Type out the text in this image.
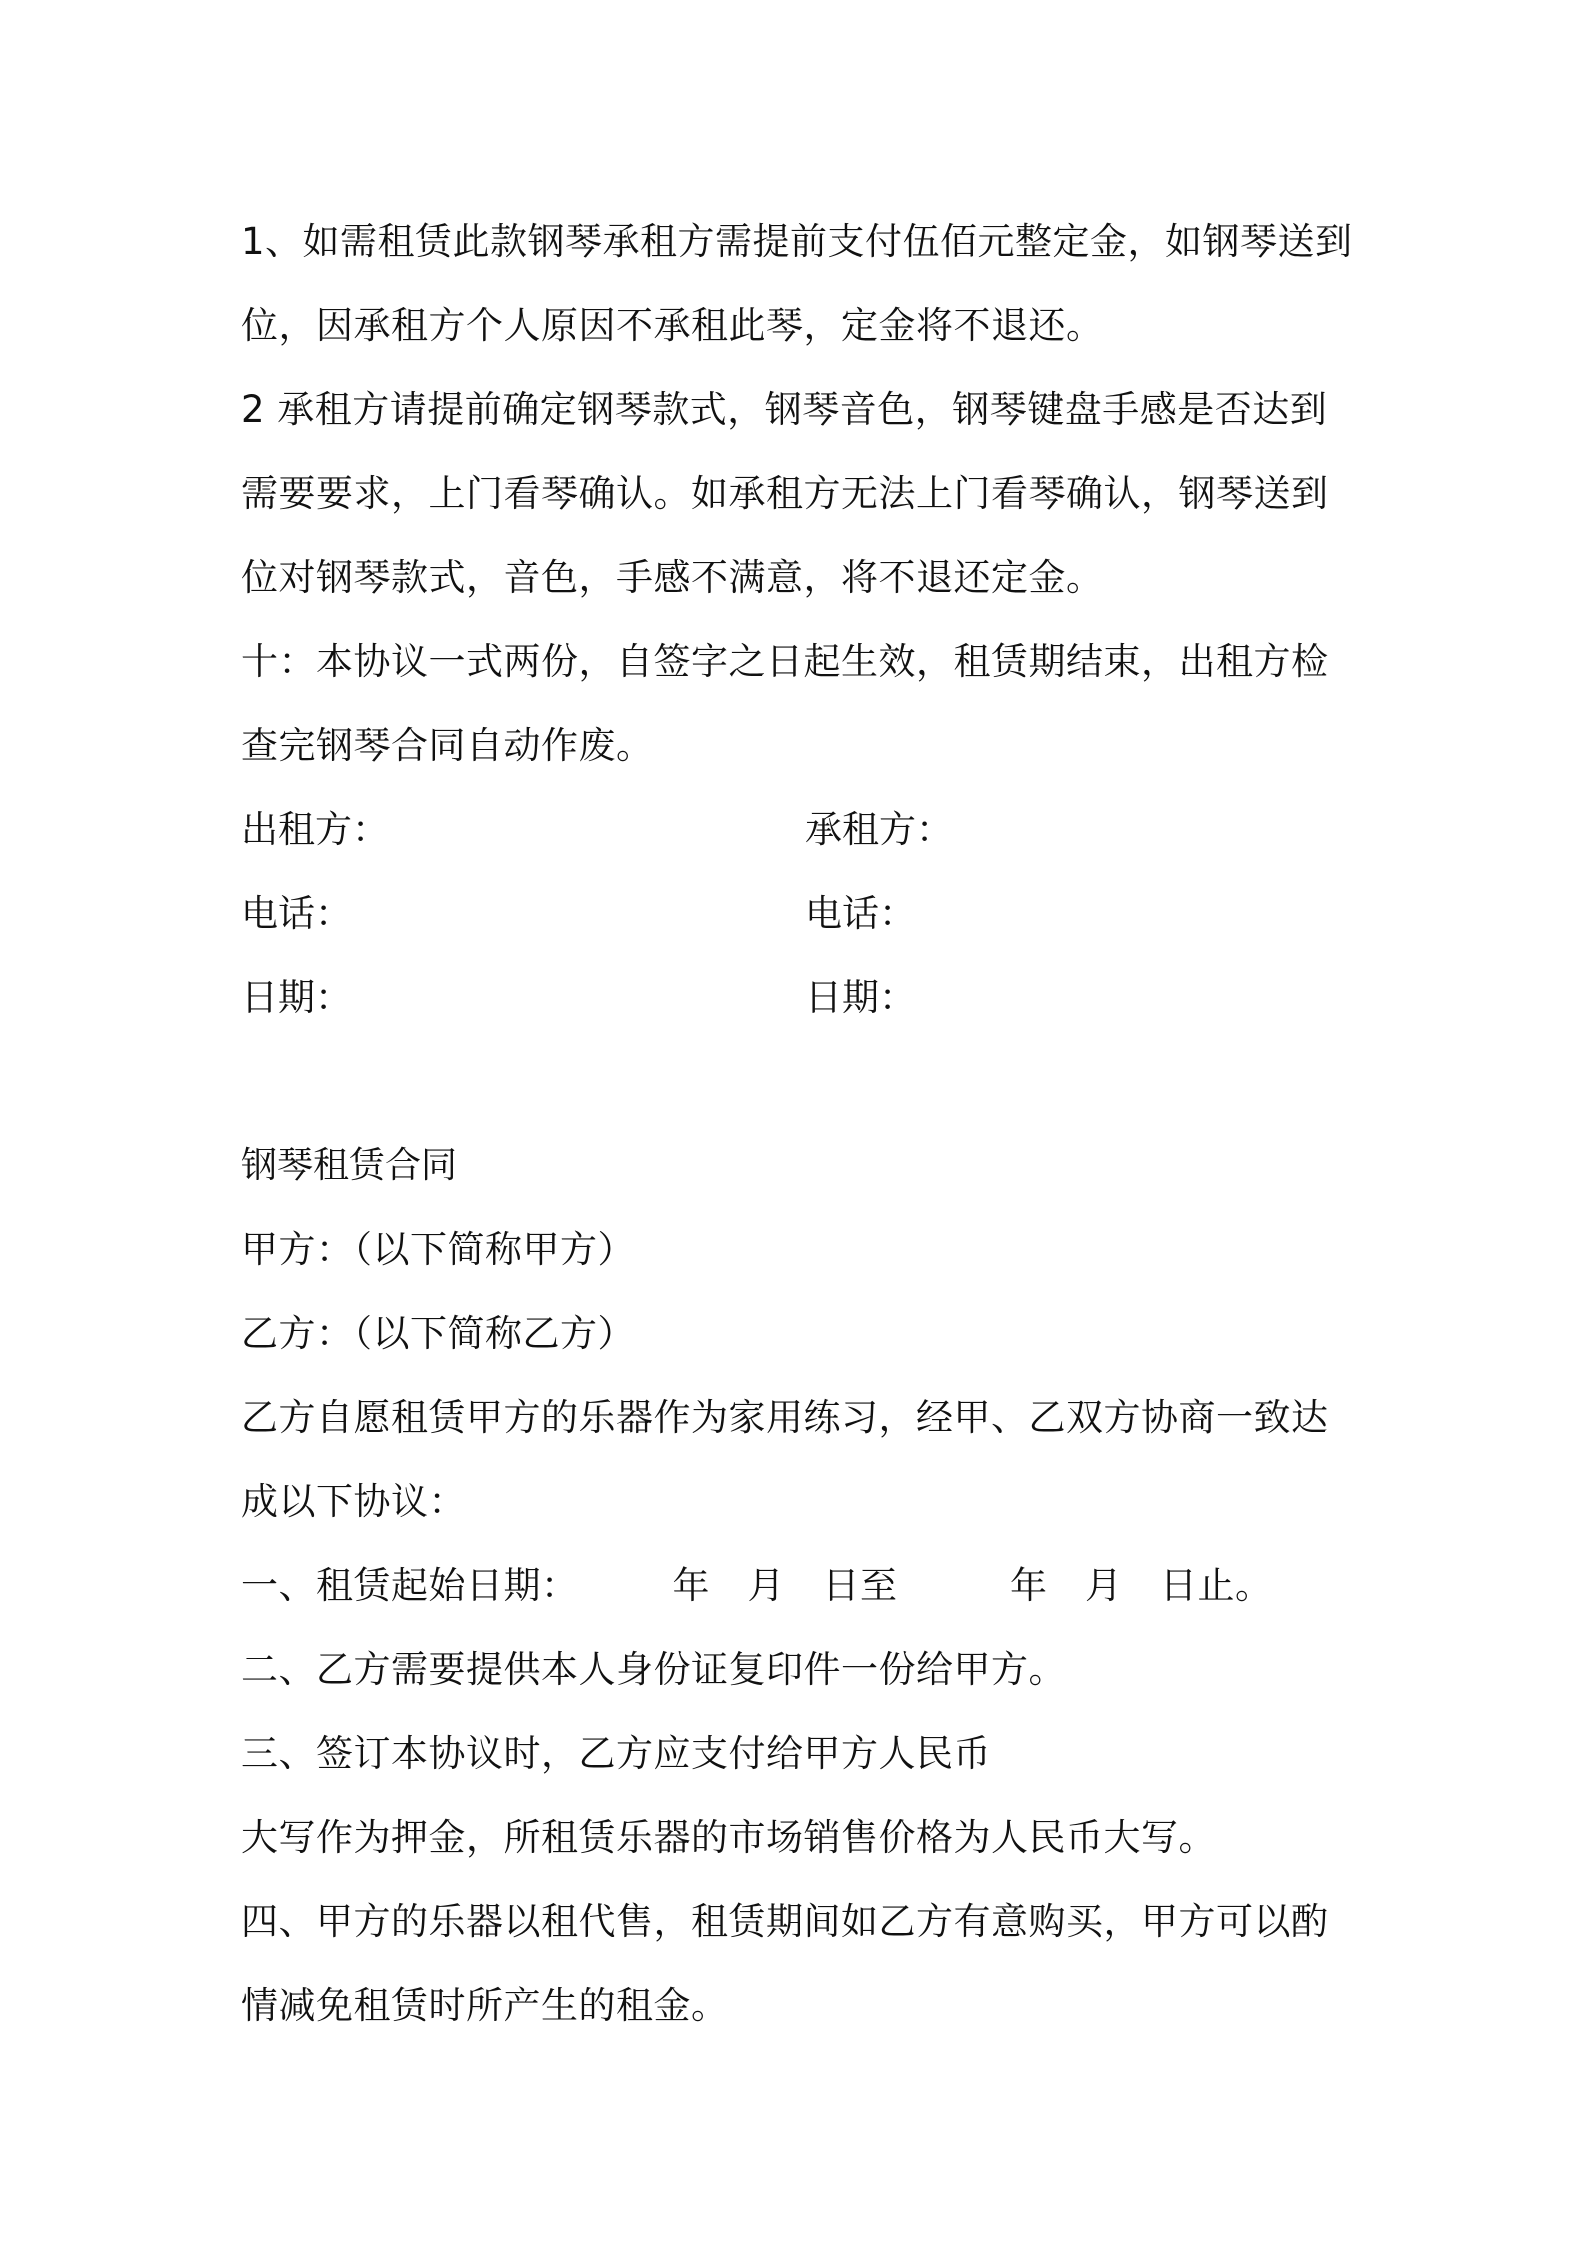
1、如需租赁此款钢琴承租方需提前支付伍佰元整定金，如钢琴送到位，因承租方个人原因不承租此琴，定金将不退还。

2 承租方请提前确定钢琴款式，钢琴音色，钢琴键盘手感是否达到需要要求，上门看琴确认。如承租方无法上门看琴确认，钢琴送到位对钢琴款式，音色，手感不满意，将不退还定金。

十：本协议一式两份，自签字之日起生效，租赁期结束，出租方检查完钢琴合同自动作废。

出租方：	承租方：
电话：	电话：
日期：	日期：

钢琴租赁合同

甲方：（以下简称甲方）

乙方：（以下简称乙方）

乙方自愿租赁甲方的乐器作为家用练习，经甲、乙双方协商一致达成以下协议：

一、租赁起始日期：　　　年　月　日至　　　年　月　日止。

二、乙方需要提供本人身份证复印件一份给甲方。

三、签订本协议时，乙方应支付给甲方人民币

大写作为押金，所租赁乐器的市场销售价格为人民币大写。

四、甲方的乐器以租代售，租赁期间如乙方有意购买，甲方可以酌情减免租赁时所产生的租金。
